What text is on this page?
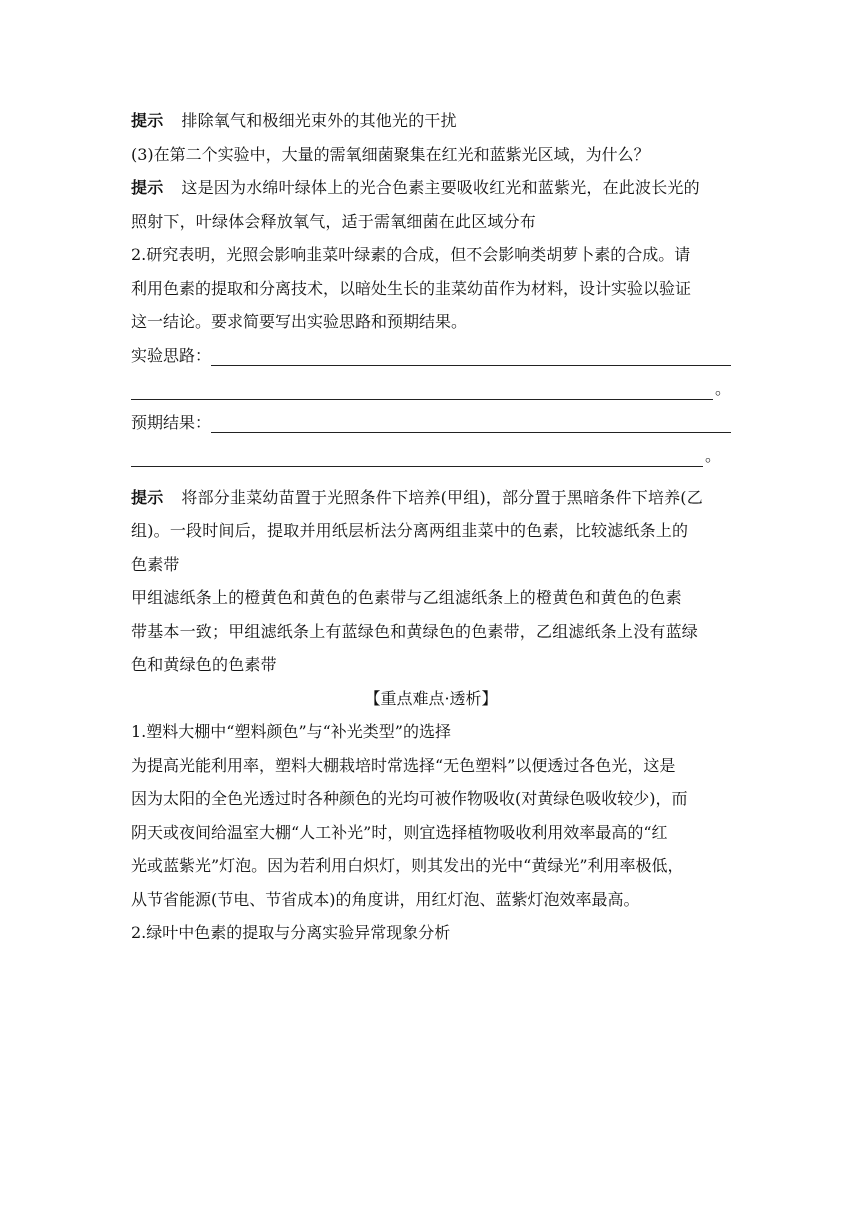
提示 排除氧气和极细光束外的其他光的干扰
(3)在第二个实验中，大量的需氧细菌聚集在红光和蓝紫光区域，为什么？
提示 这是因为水绵叶绿体上的光合色素主要吸收红光和蓝紫光，在此波长光的
照射下，叶绿体会释放氧气，适于需氧细菌在此区域分布
2.研究表明，光照会影响韭菜叶绿素的合成，但不会影响类胡萝卜素的合成。请
利用色素的提取和分离技术，以暗处生长的韭菜幼苗作为材料，设计实验以验证
这一结论。要求简要写出实验思路和预期结果。
实验思路：
。
预期结果：
。
提示 将部分韭菜幼苗置于光照条件下培养(甲组)，部分置于黑暗条件下培养(乙
组)。一段时间后，提取并用纸层析法分离两组韭菜中的色素，比较滤纸条上的
色素带
甲组滤纸条上的橙黄色和黄色的色素带与乙组滤纸条上的橙黄色和黄色的色素
带基本一致；甲组滤纸条上有蓝绿色和黄绿色的色素带，乙组滤纸条上没有蓝绿
色和黄绿色的色素带
【重点难点·透析】
1.塑料大棚中“塑料颜色”与“补光类型”的选择
为提高光能利用率，塑料大棚栽培时常选择“无色塑料”以便透过各色光，这是
因为太阳的全色光透过时各种颜色的光均可被作物吸收(对黄绿色吸收较少)，而
阴天或夜间给温室大棚“人工补光”时，则宜选择植物吸收利用效率最高的“红
光或蓝紫光”灯泡。因为若利用白炽灯，则其发出的光中“黄绿光”利用率极低，
从节省能源(节电、节省成本)的角度讲，用红灯泡、蓝紫灯泡效率最高。
2.绿叶中色素的提取与分离实验异常现象分析
